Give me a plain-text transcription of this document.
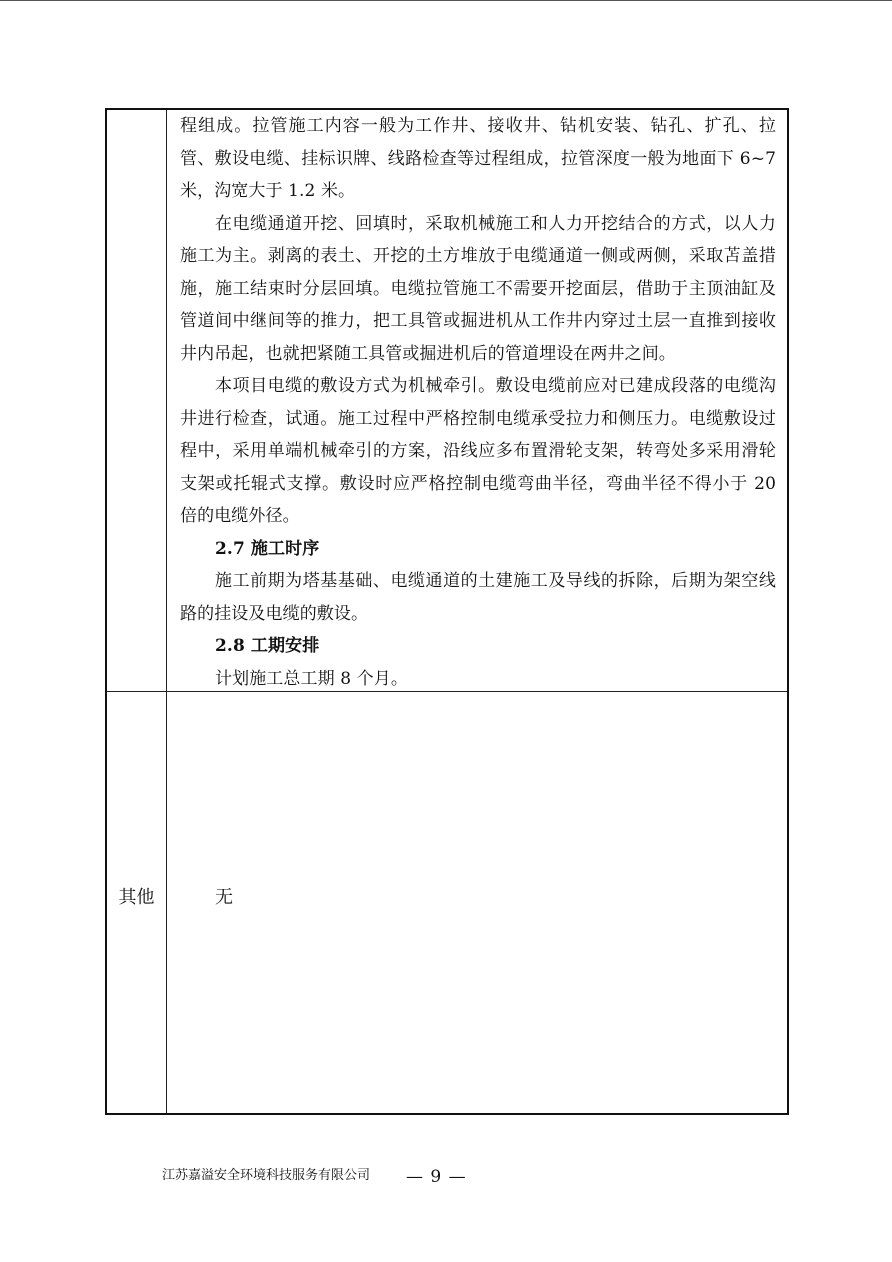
程组成。拉管施工内容一般为工作井、接收井、钻机安装、钻孔、扩孔、拉管、敷设电缆、挂标识牌、线路检查等过程组成，拉管深度一般为地面下 6~7 米，沟宽大于 1.2 米。

在电缆通道开挖、回填时，采取机械施工和人力开挖结合的方式，以人力施工为主。剥离的表土、开挖的土方堆放于电缆通道一侧或两侧，采取苫盖措施，施工结束时分层回填。电缆拉管施工不需要开挖面层，借助于主顶油缸及管道间中继间等的推力，把工具管或掘进机从工作井内穿过土层一直推到接收井内吊起，也就把紧随工具管或掘进机后的管道埋设在两井之间。

本项目电缆的敷设方式为机械牵引。敷设电缆前应对已建成段落的电缆沟井进行检查，试通。施工过程中严格控制电缆承受拉力和侧压力。电缆敷设过程中，采用单端机械牵引的方案，沿线应多布置滑轮支架，转弯处多采用滑轮支架或托辊式支撑。敷设时应严格控制电缆弯曲半径，弯曲半径不得小于 20 倍的电缆外径。

2.7 施工时序

施工前期为塔基基础、电缆通道的土建施工及导线的拆除，后期为架空线路的挂设及电缆的敷设。

2.8 工期安排

计划施工总工期 8 个月。

其他	无
江苏嘉溢安全环境科技服务有限公司 — 9 —
